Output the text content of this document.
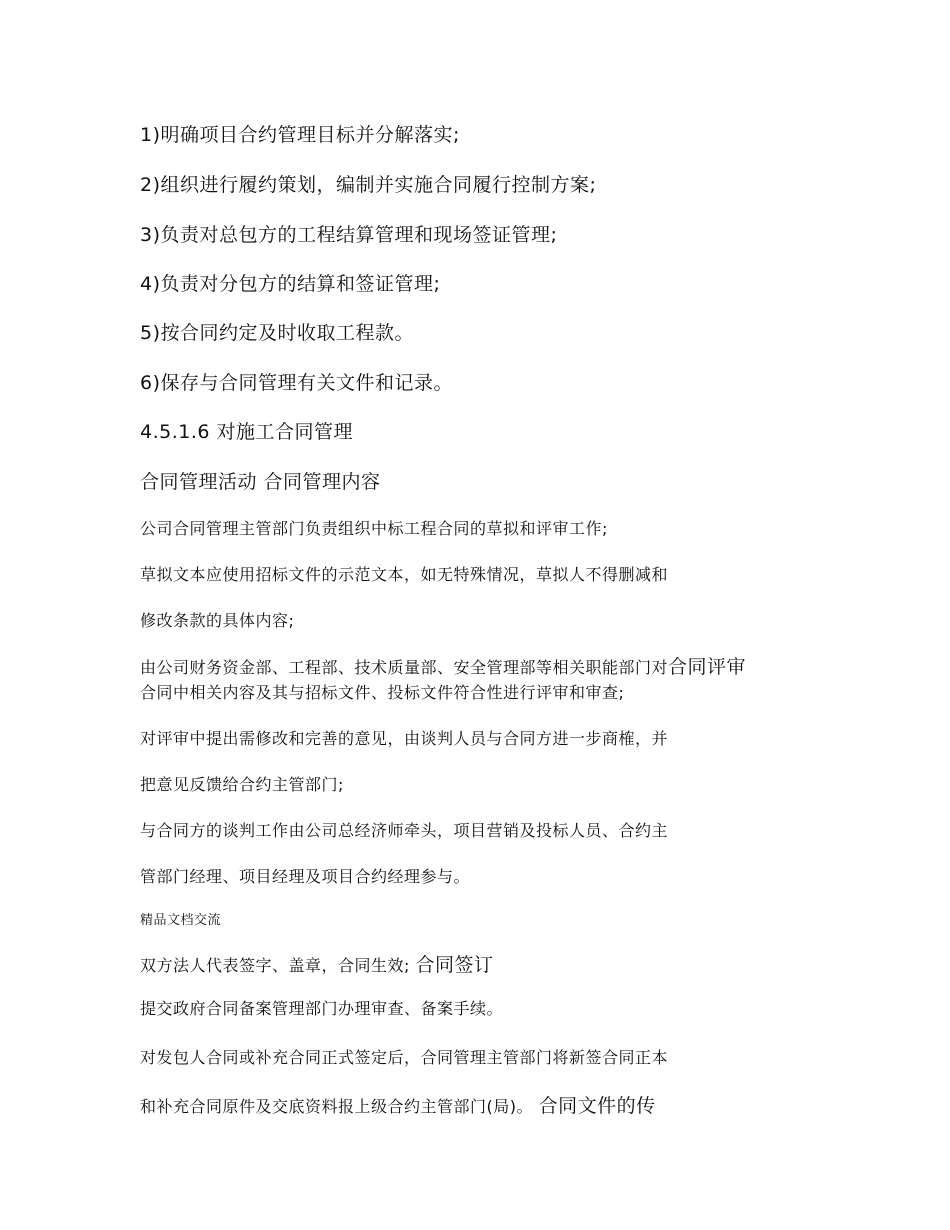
1)明确项目合约管理目标并分解落实;

2)组织进行履约策划，编制并实施合同履行控制方案;

3)负责对总包方的工程结算管理和现场签证管理;

4)负责对分包方的结算和签证管理;

5)按合同约定及时收取工程款。

6)保存与合同管理有关文件和记录。

4.5.1.6 对施工合同管理

合同管理活动 合同管理内容

公司合同管理主管部门负责组织中标工程合同的草拟和评审工作;

草拟文本应使用招标文件的示范文本，如无特殊情况，草拟人不得删减和

修改条款的具体内容;

由公司财务资金部、工程部、技术质量部、安全管理部等相关职能部门对合同评审

合同中相关内容及其与招标文件、投标文件符合性进行评审和审查;

对评审中提出需修改和完善的意见，由谈判人员与合同方进一步商榷，并

把意见反馈给合约主管部门;

与合同方的谈判工作由公司总经济师牵头，项目营销及投标人员、合约主

管部门经理、项目经理及项目合约经理参与。

精品文档交流

双方法人代表签字、盖章，合同生效; 合同签订

提交政府合同备案管理部门办理审查、备案手续。

对发包人合同或补充合同正式签定后，合同管理主管部门将新签合同正本

和补充合同原件及交底资料报上级合约主管部门(局)。 合同文件的传
